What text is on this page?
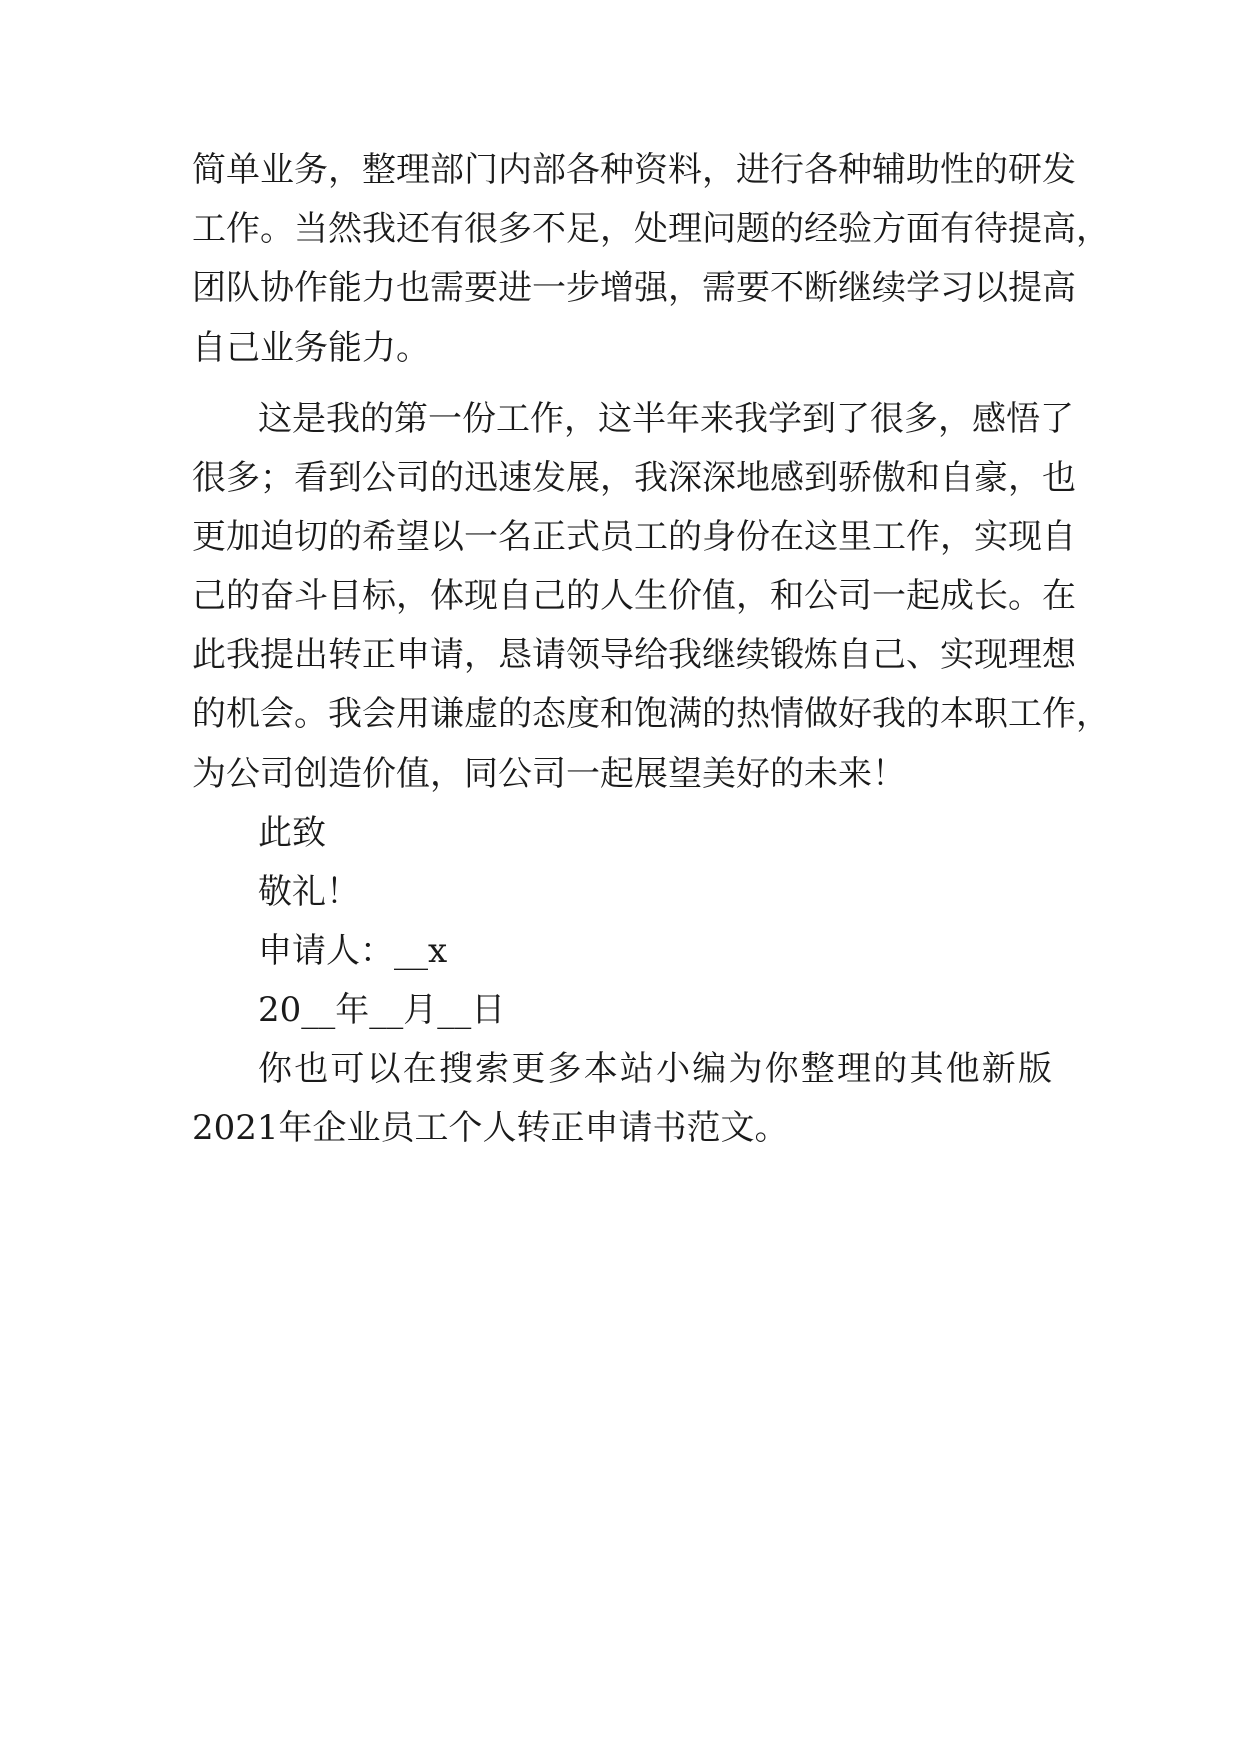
简单业务，整理部门内部各种资料，进行各种辅助性的研发
工作。当然我还有很多不足，处理问题的经验方面有待提高，
团队协作能力也需要进一步增强，需要不断继续学习以提高
自己业务能力。
这是我的第一份工作，这半年来我学到了很多，感悟了
很多；看到公司的迅速发展，我深深地感到骄傲和自豪，也
更加迫切的希望以一名正式员工的身份在这里工作，实现自
己的奋斗目标，体现自己的人生价值，和公司一起成长。在
此我提出转正申请，恳请领导给我继续锻炼自己、实现理想
的机会。我会用谦虚的态度和饱满的热情做好我的本职工作，
为公司创造价值，同公司一起展望美好的未来！
此致
敬礼！
申请人：__x
20__年__月__日
你也可以在搜索更多本站小编为你整理的其他新版
2021年企业员工个人转正申请书范文。
